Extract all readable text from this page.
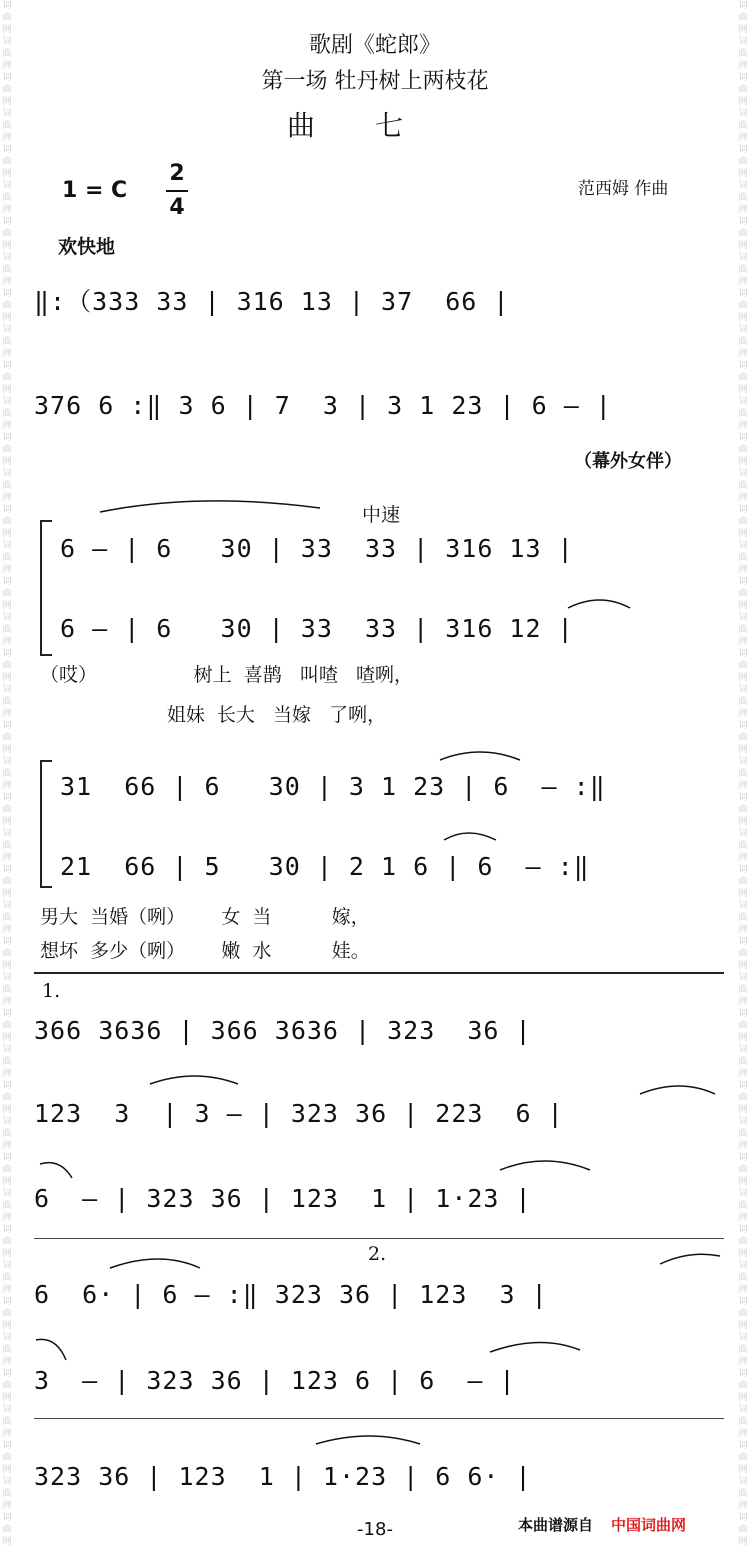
词
曲
网
词
曲
网
词
曲
网
词
曲
网
词
曲
网
词
曲
网
词
曲
网
词
曲
网
词
曲
网
词
曲
网
词
曲
网
词
曲
网
词
曲
网
词
曲
网
词
曲
网
词
曲
网
词
曲
网
词
曲
网
词
曲
网
词
曲
网
词
曲
网
词
曲
网
词
曲
网
词
曲
网
词
曲
网
词
曲
网
词
曲
网
词
曲
网
词
曲
网
词
曲
网
词
曲
网
词
曲
网
词
曲
网
词
曲
网
词
曲
网
词
曲
网
词
曲
网
词
曲
网
词
曲
网
词
曲
网
词
曲
网
词
曲
网
词
曲
网
词
曲
网
词
曲
网
词
曲
网
词
曲
网
词
曲
网
词
曲
网
词
曲
网
词
曲
网
词
曲
网
词
曲
网
词
曲
网
词
曲
网
词
曲
网
词
曲
网
词
曲
网
词
曲
网
词
曲
网
词
曲
网
词
曲
网
词
曲
网
词
曲
网
词
曲
网
词
曲
网
词
曲
网
词
曲
网
词
曲
网
词
曲
网
词
曲
网
词
曲
网
词
曲
网
词
曲
网
词
曲
网
词
曲
网
词
曲
网
词
曲
网
词
曲
网
词
曲
网
词
曲
网
词
曲
网
词
曲
网
词
曲
网
词
曲
网
词
曲
网
歌剧《蛇郎》
第一场 牡丹树上两枝花
曲七
1 = C
2
4
范西姆 作曲
欢快地
（幕外女伴）
中速
‖:（333 33 | 316 13 | 37  66 |
376 6 :‖ 3 6 | 7  3 | 3 1 23 | 6 — |
6 — | 6   30 | 33  33 | 316 13 |
6 — | 6   30 | 33  33 | 316 12 |
（哎）                树上  喜鹊   叫喳   喳咧，
姐妹  长大   当嫁   了咧，
31  66 | 6   30 | 3 1 23 | 6  — :‖
21  66 | 5   30 | 2 1 6 | 6  — :‖
男大  当婚（咧）      女  当          嫁，
想坏  多少（咧）      嫩  水          娃。
1.
366 3636 | 366 3636 | 323  36 |
123  3  | 3 — | 323 36 | 223  6 |
6  — | 323 36 | 123  1 | 1·23 |
2.
6  6· | 6 — :‖ 323 36 | 123  3 |
3  — | 323 36 | 123 6 | 6  — |
323 36 | 123  1 | 1·23 | 6 6· |
-18-	本曲谱源自 中国词曲网
